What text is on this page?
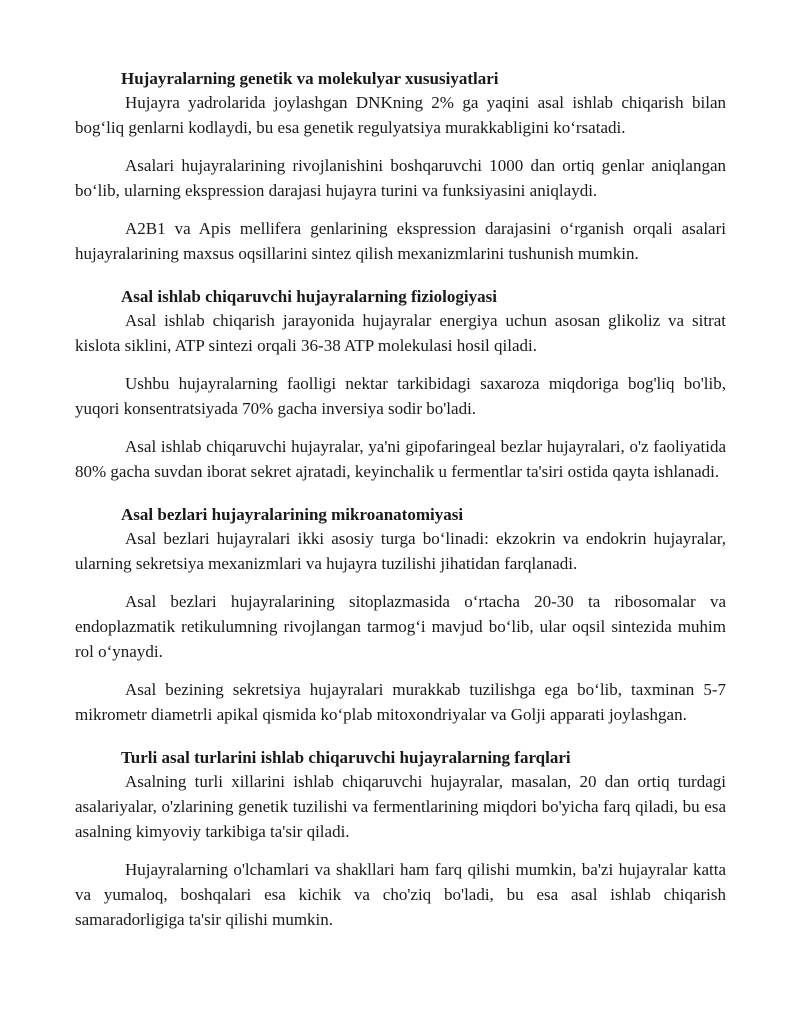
Hujayralarning genetik va molekulyar xususiyatlari

Hujayra yadrolarida joylashgan DNKning 2% ga yaqini asal ishlab chiqarish bilan bog‘liq genlarni kodlaydi, bu esa genetik regulyatsiya murakkabligini ko‘rsatadi.

Asalari hujayralarining rivojlanishini boshqaruvchi 1000 dan ortiq genlar aniqlangan bo‘lib, ularning ekspression darajasi hujayra turini va funksiyasini aniqlaydi.

A2B1 va Apis mellifera genlarining ekspression darajasini o‘rganish orqali asalari hujayralarining maxsus oqsillarini sintez qilish mexanizmlarini tushunish mumkin.

Asal ishlab chiqaruvchi hujayralarning fiziologiyasi

Asal ishlab chiqarish jarayonida hujayralar energiya uchun asosan glikoliz va sitrat kislota siklini, ATP sintezi orqali 36-38 ATP molekulasi hosil qiladi.

Ushbu hujayralarning faolligi nektar tarkibidagi saxaroza miqdoriga bog'liq bo'lib, yuqori konsentratsiyada 70% gacha inversiya sodir bo'ladi.

Asal ishlab chiqaruvchi hujayralar, ya'ni gipofaringeal bezlar hujayralari, o'z faoliyatida 80% gacha suvdan iborat sekret ajratadi, keyinchalik u fermentlar ta'siri ostida qayta ishlanadi.

Asal bezlari hujayralarining mikroanatomiyasi

Asal bezlari hujayralari ikki asosiy turga bo‘linadi: ekzokrin va endokrin hujayralar, ularning sekretsiya mexanizmlari va hujayra tuzilishi jihatidan farqlanadi.

Asal bezlari hujayralarining sitoplazmasida o‘rtacha 20-30 ta ribosomalar va endoplazmatik retikulumning rivojlangan tarmog‘i mavjud bo‘lib, ular oqsil sintezida muhim rol o‘ynaydi.

Asal bezining sekretsiya hujayralari murakkab tuzilishga ega bo‘lib, taxminan 5-7 mikrometr diametrli apikal qismida ko‘plab mitoxondriyalar va Golji apparati joylashgan.

Turli asal turlarini ishlab chiqaruvchi hujayralarning farqlari

Asalning turli xillarini ishlab chiqaruvchi hujayralar, masalan, 20 dan ortiq turdagi asalariyalar, o'zlarining genetik tuzilishi va fermentlarining miqdori bo'yicha farq qiladi, bu esa asalning kimyoviy tarkibiga ta'sir qiladi.

Hujayralarning o'lchamlari va shakllari ham farq qilishi mumkin, ba'zi hujayralar katta va yumaloq, boshqalari esa kichik va cho'ziq bo'ladi, bu esa asal ishlab chiqarish samaradorligiga ta'sir qilishi mumkin.
